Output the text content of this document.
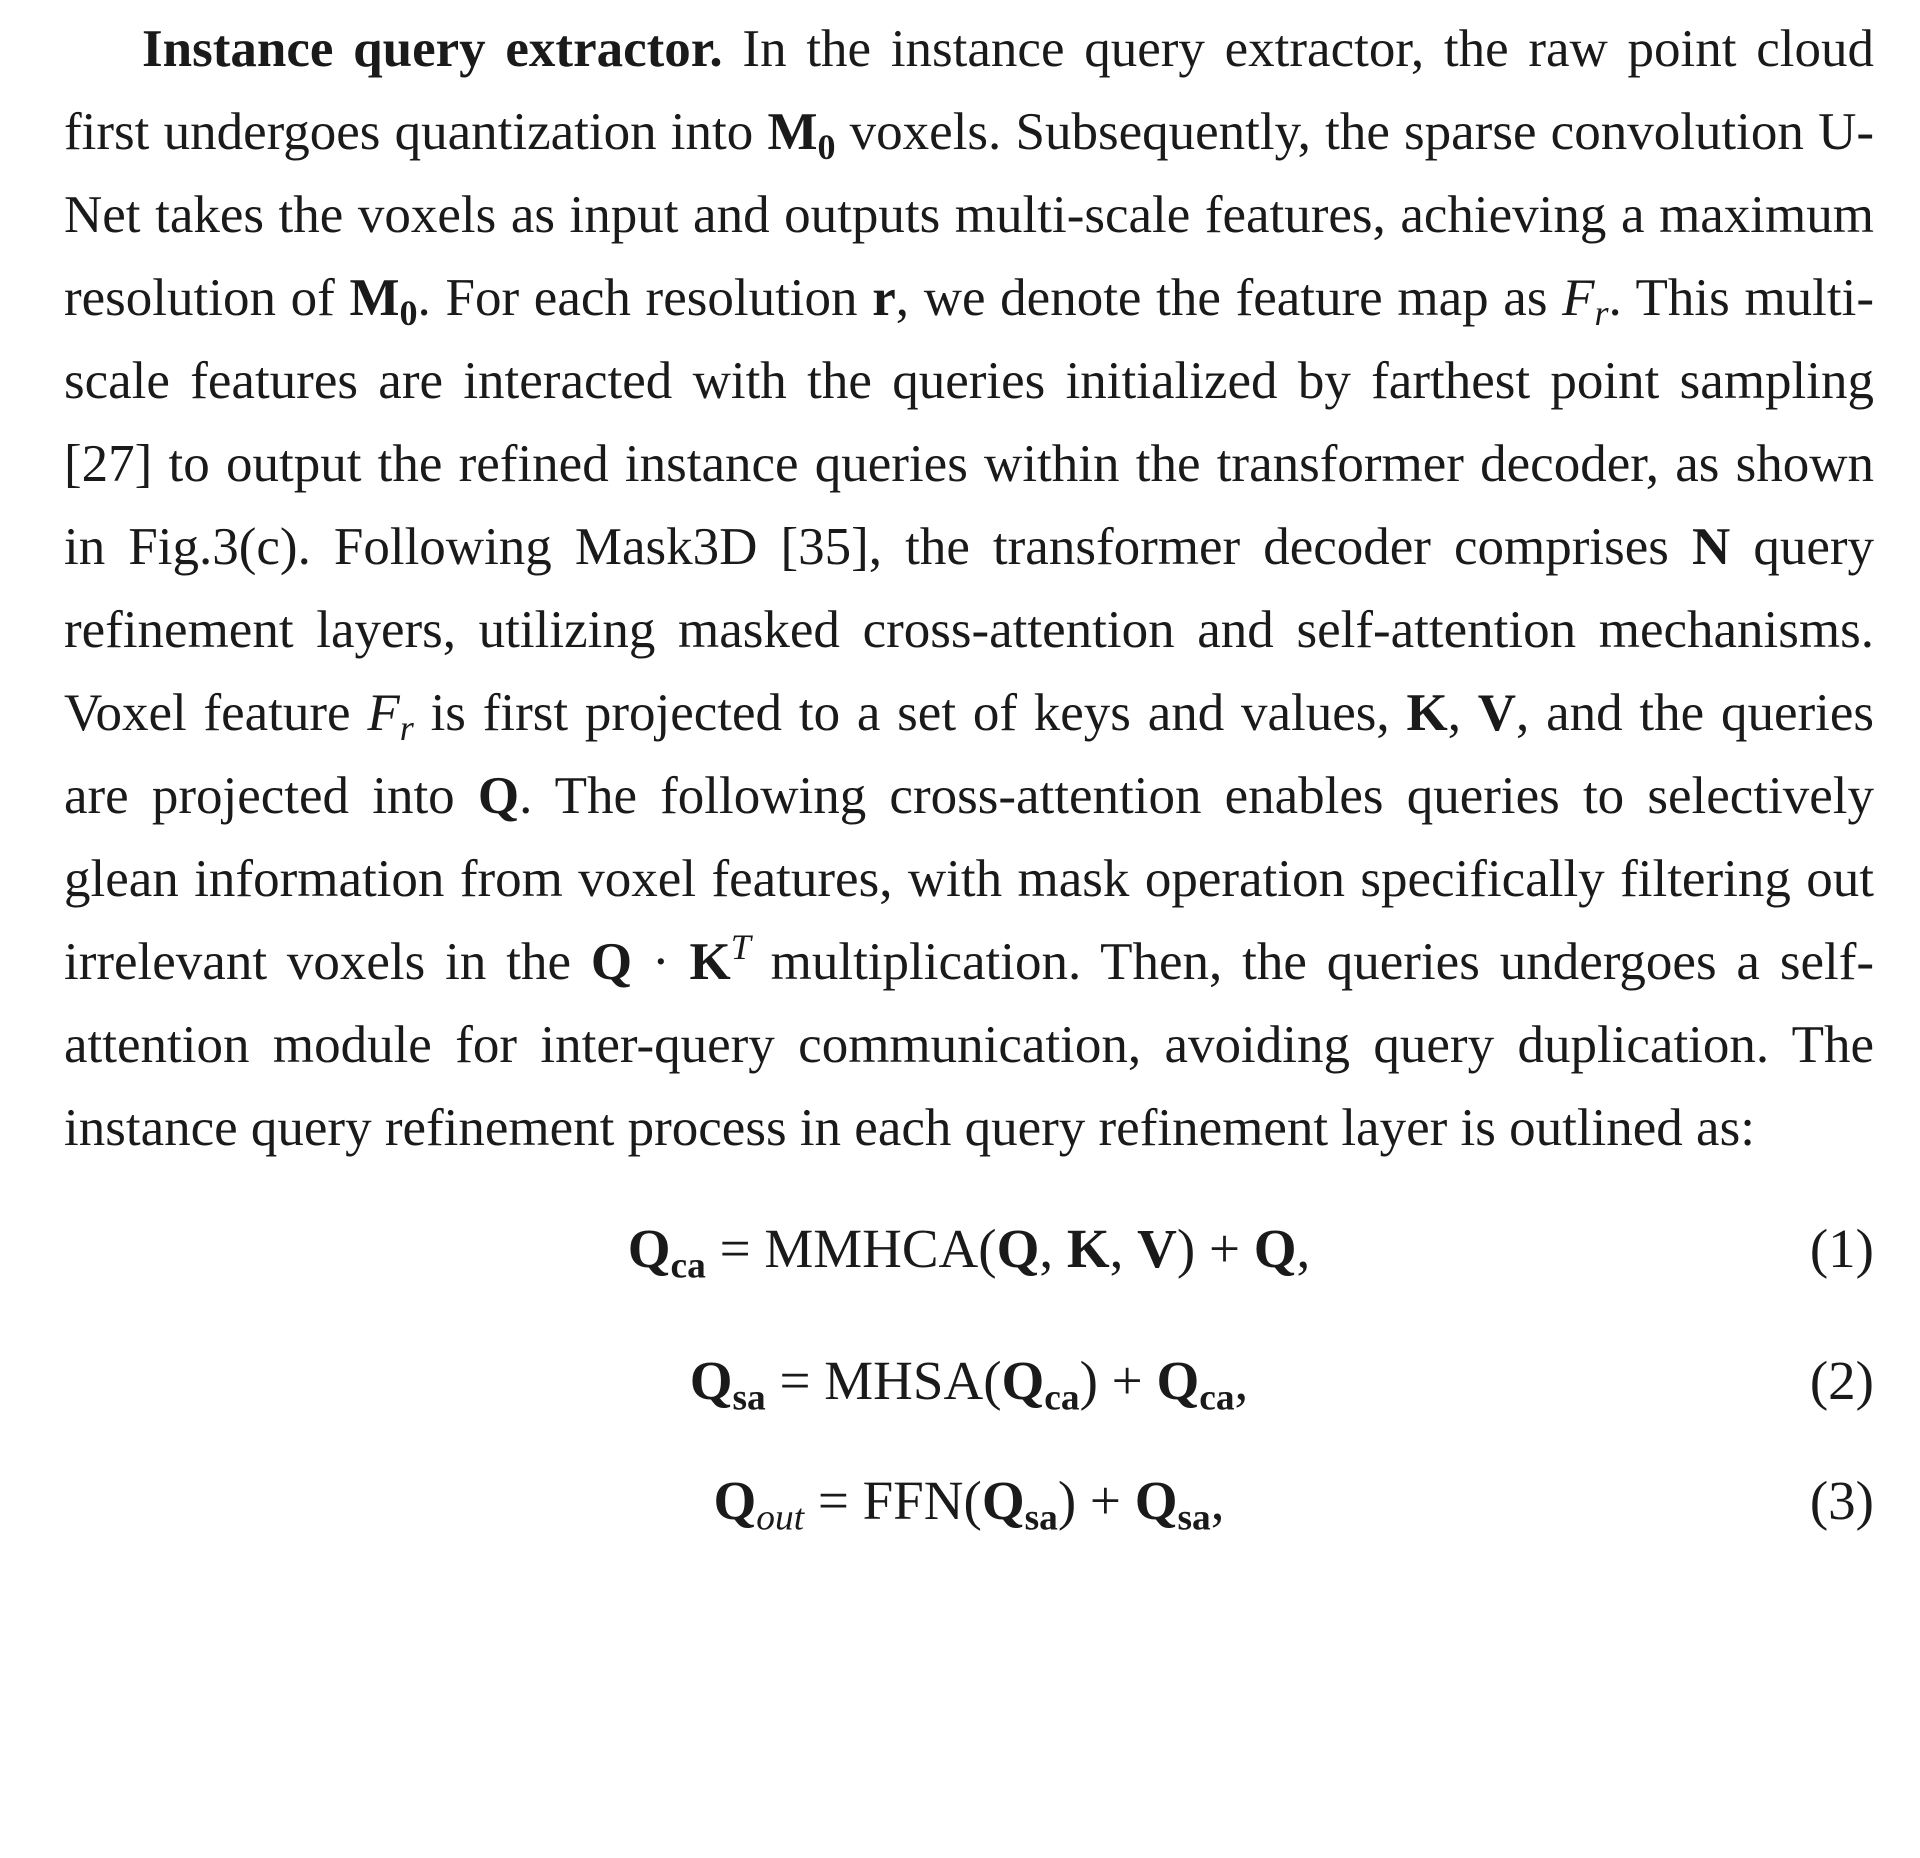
Instance query extractor. In the instance query extractor, the raw point cloud first undergoes quantization into $M_0$ voxels. Subsequently, the sparse convolution U-Net takes the voxels as input and outputs multi-scale features, achieving a maximum resolution of $M_0$. For each resolution r, we denote the feature map as $F_r$. This multi-scale features are interacted with the queries initialized by farthest point sampling [27] to output the refined instance queries within the transformer decoder, as shown in Fig.3(c). Following Mask3D [35], the transformer decoder comprises N query refinement layers, utilizing masked cross-attention and self-attention mechanisms. Voxel feature $F_r$ is first projected to a set of keys and values, K, V, and the queries are projected into Q. The following cross-attention enables queries to selectively glean information from voxel features, with mask operation specifically filtering out irrelevant voxels in the $Q \cdot K^T$ multiplication. Then, the queries undergoes a self-attention module for inter-query communication, avoiding query duplication. The instance query refinement process in each query refinement layer is outlined as:

$Q_{ca}$ = MMHCA(Q, K, V) + Q,	(1)
$Q_{sa}$ = $MHSA(Q_{ca}) + Q_{ca}$,	(2)
$Q_{out} = FFN(Q_{sa}) + Q_{sa}$,	(3)
